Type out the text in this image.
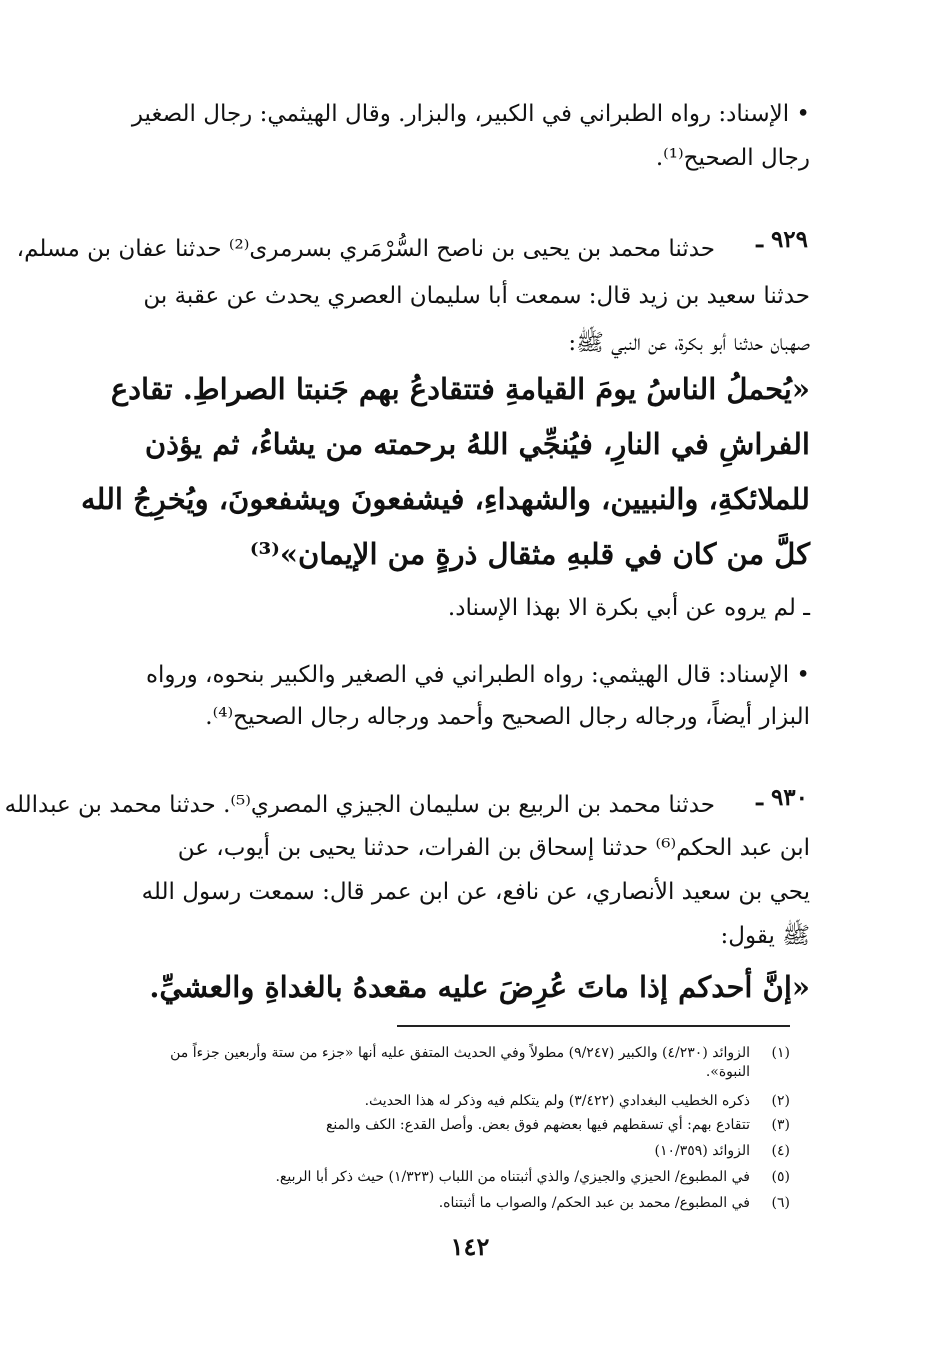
• الإسناد: رواه الطبراني في الكبير، والبزار. وقال الهيثمي: رجال الصغير
رجال الصحيح⁽¹⁾.
٩٢٩ ـ
حدثنا محمد بن يحيى بن ناصح السُّرْمَري بسرمرى⁽²⁾ حدثنا عفان بن مسلم،
حدثنا سعيد بن زيد قال: سمعت أبا سليمان العصري يحدث عن عقبة بن
صهبان حدثنا أبو بكرة، عن النبي ﷺ:
«يُحملُ الناسُ يومَ القيامةِ فتتقادعُ بهم جَنبتا الصراطِ. تقادع
الفراشِ في النارِ، فيُنجِّي اللهُ برحمته من يشاءُ، ثم يؤذن
للملائكةِ، والنبيين، والشهداءِ، فيشفعونَ ويشفعونَ، ويُخرِجُ الله
كلَّ من كان في قلبهِ مثقال ذرةٍ من الإيمان»⁽³⁾
ـ لم يروه عن أبي بكرة الا بهذا الإسناد.
• الإسناد: قال الهيثمي: رواه الطبراني في الصغير والكبير بنحوه، ورواه
البزار أيضاً، ورجاله رجال الصحيح وأحمد ورجاله رجال الصحيح⁽⁴⁾.
٩٣٠ ـ
حدثنا محمد بن الربيع بن سليمان الجيزي المصري⁽⁵⁾. حدثنا محمد بن عبدالله
ابن عبد الحكم⁽⁶⁾ حدثنا إسحاق بن الفرات، حدثنا يحيى بن أيوب، عن
يحي بن سعيد الأنصاري، عن نافع، عن ابن عمر قال: سمعت رسول الله
ﷺ يقول:
«إنَّ أحدكم إذا ماتَ عُرِضَ عليه مقعدهُ بالغداةِ والعشيِّ.
(١)الزوائد (٤/٢٣٠) والكبير (٩/٢٤٧) مطولاً وفي الحديث المتفق عليه أنها «جزء من ستة وأربعين جزءاً من
النبوة».
(٢)ذكره الخطيب البغدادي (٣/٤٢٢) ولم يتكلم فيه وذكر له هذا الحديث.
(٣)تتقادع بهم: أي تسقطهم فيها بعضهم فوق بعض. وأصل القدع: الكف والمنع
(٤)الزوائد (١٠/٣٥٩)
(٥)في المطبوع/ الحيزي والجيزي/ والذي أثبتناه من اللباب (١/٣٢٣) حيث ذكر أبا الربيع.
(٦)في المطبوع/ محمد بن عبد الحكم/ والصواب ما أثبتناه.
١٤٢
